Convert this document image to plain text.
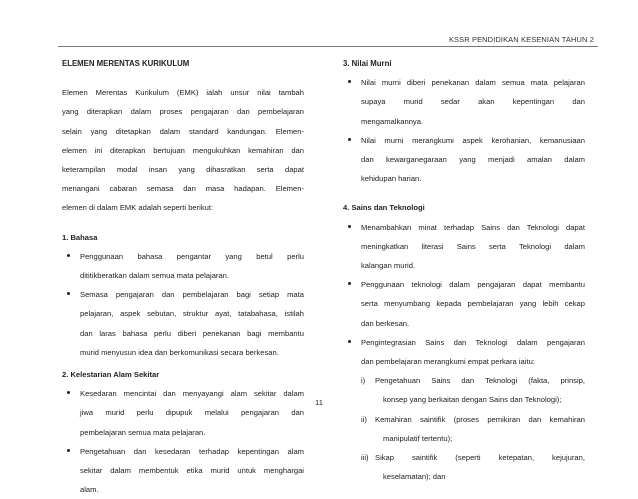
KSSR PENDIDIKAN KESENIAN TAHUN 2
ELEMEN MERENTAS KURIKULUM
Elemen Merentas Kurikulum (EMK) ialah unsur nilai tambah
yang diterapkan dalam proses pengajaran dan pembelajaran
selain yang ditetapkan dalam standard kandungan. Elemen-
elemen ini diterapkan bertujuan mengukuhkan kemahiran dan
keterampilan modal insan yang dihasratkan serta dapat
menangani cabaran semasa dan masa hadapan. Elemen-
elemen di dalam EMK adalah seperti berikut:
1. Bahasa
Penggunaan bahasa pengantar yang betul perlu
dititikberatkan dalam semua mata pelajaran.
Semasa pengajaran dan pembelajaran bagi setiap mata
pelajaran, aspek sebutan, struktur ayat, tatabahasa, istilah
dan laras bahasa perlu diberi penekanan bagi membantu
murid menyusun idea dan berkomunikasi secara berkesan.
2. Kelestarian Alam Sekitar
Kesedaran mencintai dan menyayangi alam sekitar dalam
jiwa murid perlu dipupuk melalui pengajaran dan
pembelajaran semua mata pelajaran.
Pengetahuan dan kesedaran terhadap kepentingan alam
sekitar dalam membentuk etika murid untuk menghargai
alam.
3. Nilai Murni
Nilai murni diberi penekanan dalam semua mata pelajaran
supaya murid sedar akan kepentingan dan
mengamalkannya.
Nilai murni merangkumi aspek kerohanian, kemanusiaan
dan kewarganegaraan yang menjadi amalan dalam
kehidupan harian.
4. Sains dan Teknologi
Menambahkan minat terhadap Sains dan Teknologi dapat
meningkatkan literasi Sains serta Teknologi dalam
kalangan murid.
Penggunaan teknologi dalam pengajaran dapat membantu
serta menyumbang kepada pembelajaran yang lebih cekap
dan berkesan.
Pengintegrasian Sains dan Teknologi dalam pengajaran
dan pembelajaran merangkumi empat perkara iaitu:
i) Pengetahuan Sains dan Teknologi (fakta, prinsip,
konsep yang berkaitan dengan Sains dan Teknologi);
ii) Kemahiran saintifik (proses pemikiran dan kemahiran
manipulatif tertentu);
iii) Sikap saintifik (seperti ketepatan, kejujuran,
keselamatan); dan
11
